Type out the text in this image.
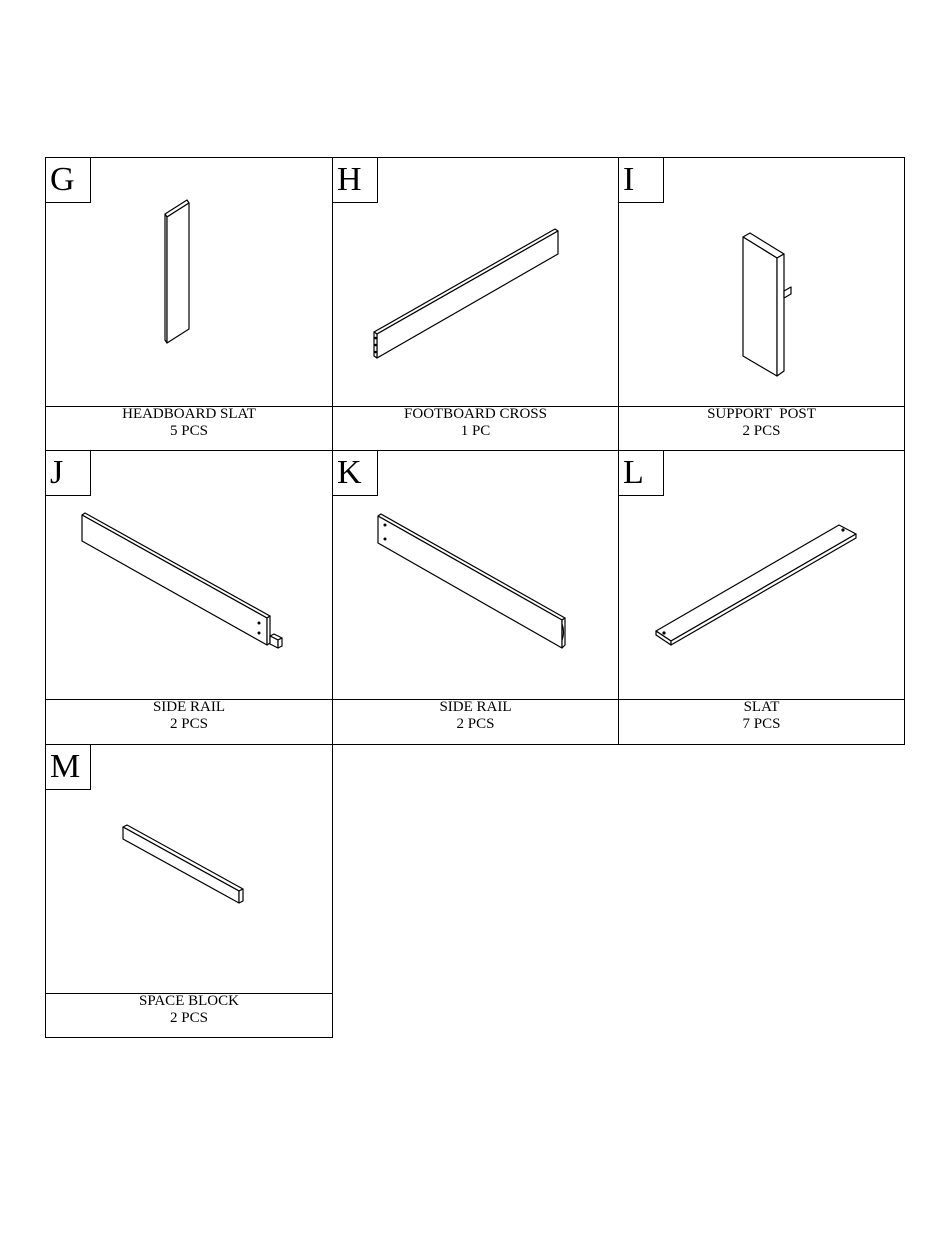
G
HEADBOARD SLAT
5 PCS
H
FOOTBOARD CROSS
1 PC
I
SUPPORT  POST
2 PCS
J
SIDE RAIL
2 PCS
K
SIDE RAIL
2 PCS
L
SLAT
7 PCS
M
SPACE BLOCK
2 PCS
